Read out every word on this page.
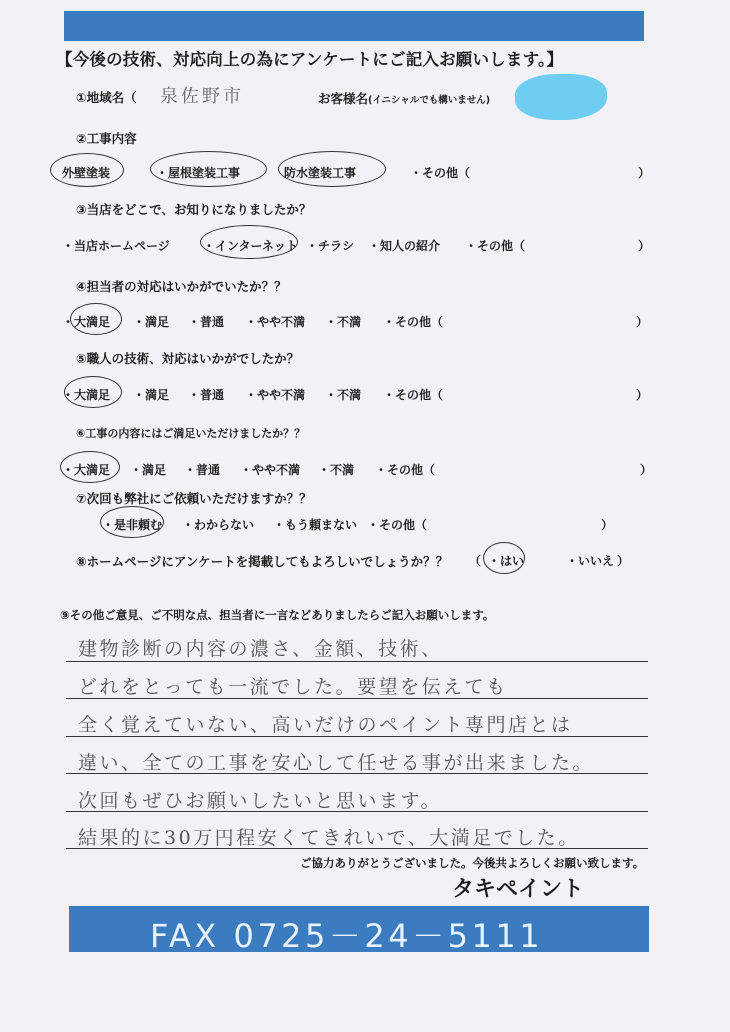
【今後の技術、対応向上の為にアンケートにご記入お願いします。】
①地域名（ 泉佐野市	お客様名(イニシャルでも構いません)
②工事内容
外壁塗装	・屋根塗装工事	防水塗装工事	・その他（	）
③当店をどこで、お知りになりましたか？
・当店ホームページ	・インターネット ・チラシ ・知人の紹介 ・その他（	）
④担当者の対応はいかがでいたか？？
・大満足 ・満足 ・普通 ・やや不満 ・不満 ・その他（	）
⑤職人の技術、対応はいかがでしたか？
・大満足 ・満足 ・普通 ・やや不満 ・不満 ・その他（	）
⑥工事の内容にはご満足いただけましたか？？
・大満足 ・満足 ・普通 ・やや不満 ・不満 ・その他（	）
⑦次回も弊社にご依頼いただけますか？？
・是非頼む ・わからない ・もう頼まない ・その他（	）
⑧ホームページにアンケートを掲載してもよろしいでしょうか？？ （ ・はい	・いいえ ）
⑨その他ご意見、ご不明な点、担当者に一言などありましたらご記入お願いします。
建物診断の内容の濃さ、金額、技術、
どれをとっても一流でした。要望を伝えても
全く覚えていない、高いだけのペイント専門店とは
違い、全ての工事を安心して任せる事が出来ました。
次回もぜひお願いしたいと思います。
結果的に30万円程安くてきれいで、大満足でした。
ご協力ありがとうございました。今後共よろしくお願い致します。
タキペイント
FAX 0725－24－5111
